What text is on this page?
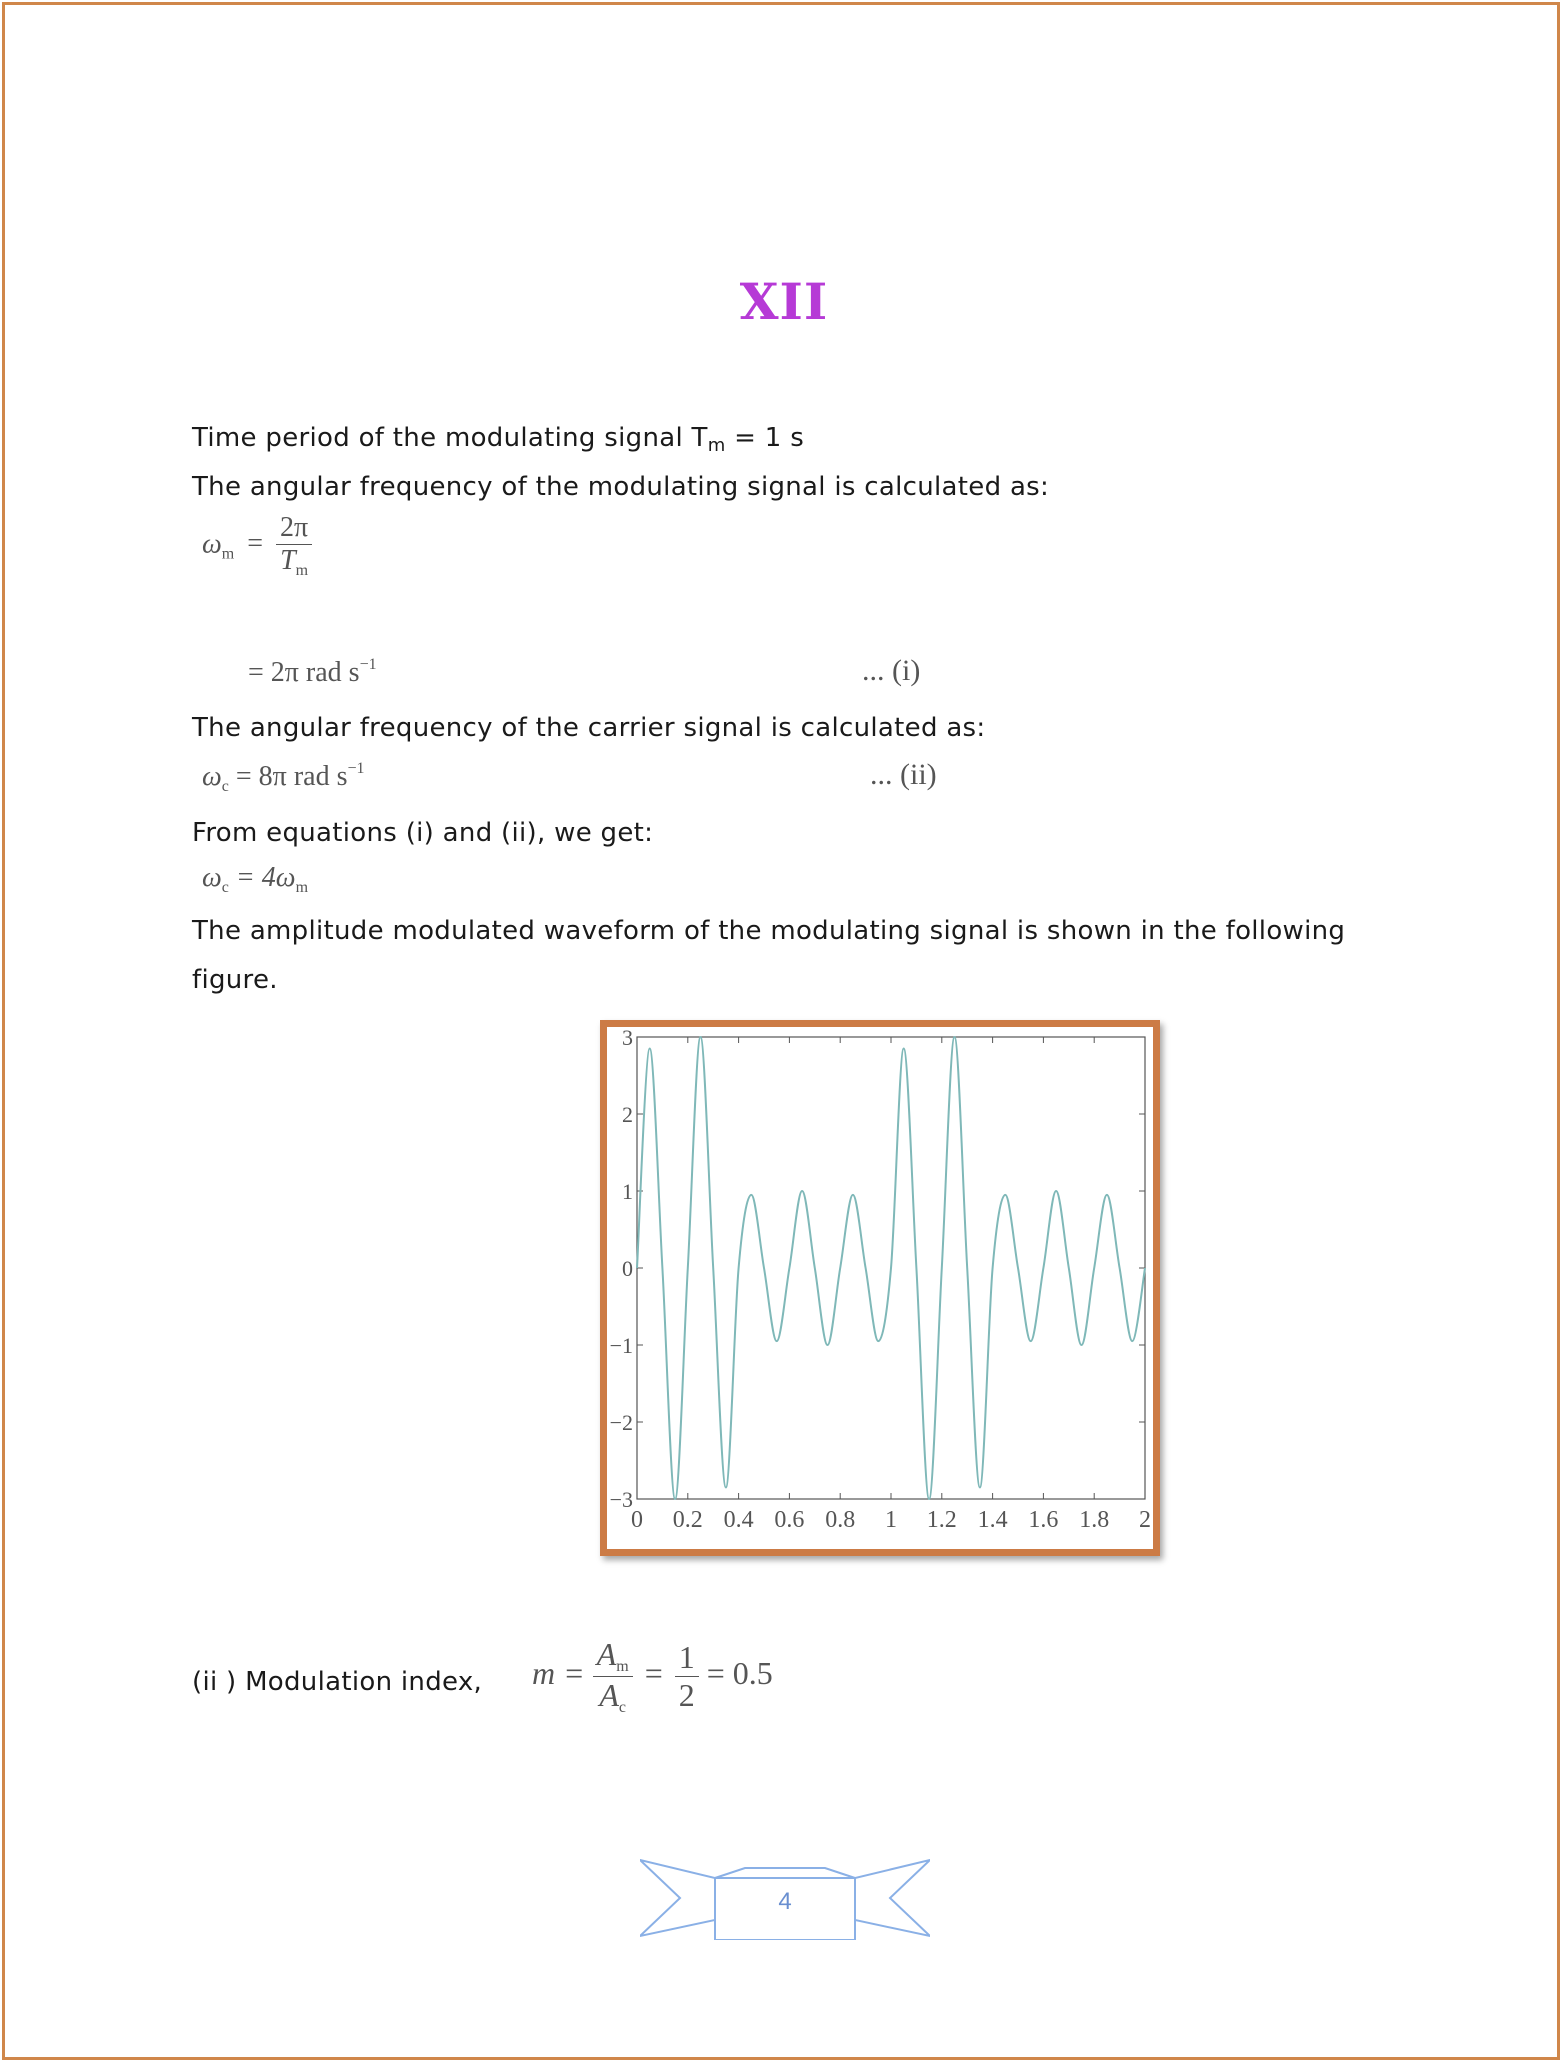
XII
Time period of the modulating signal $T_m = 1$ s
The angular frequency of the modulating signal is calculated as:
$\omega_m = \frac{2\pi}{T_m}$
= 2π rad $s^{-1}$	... (i)
The angular frequency of the carrier signal is calculated as:
$\omega_c = 8\pi$ rad $s^{-1}$	... (ii)
From equations (i) and (ii), we get:
$\omega_c = 4\omega_m$
The amplitude modulated waveform of the modulating signal is shown in the following
figure.
0 0.2 0.4 0.6 0.8 1 1.2 1.4 1.6 1.8 2
3
2
1
0
−1
−2
−3
(ii ) Modulation index, $m = \frac{Am}{Ac} = \frac{1}{2} = 0.5$
4
